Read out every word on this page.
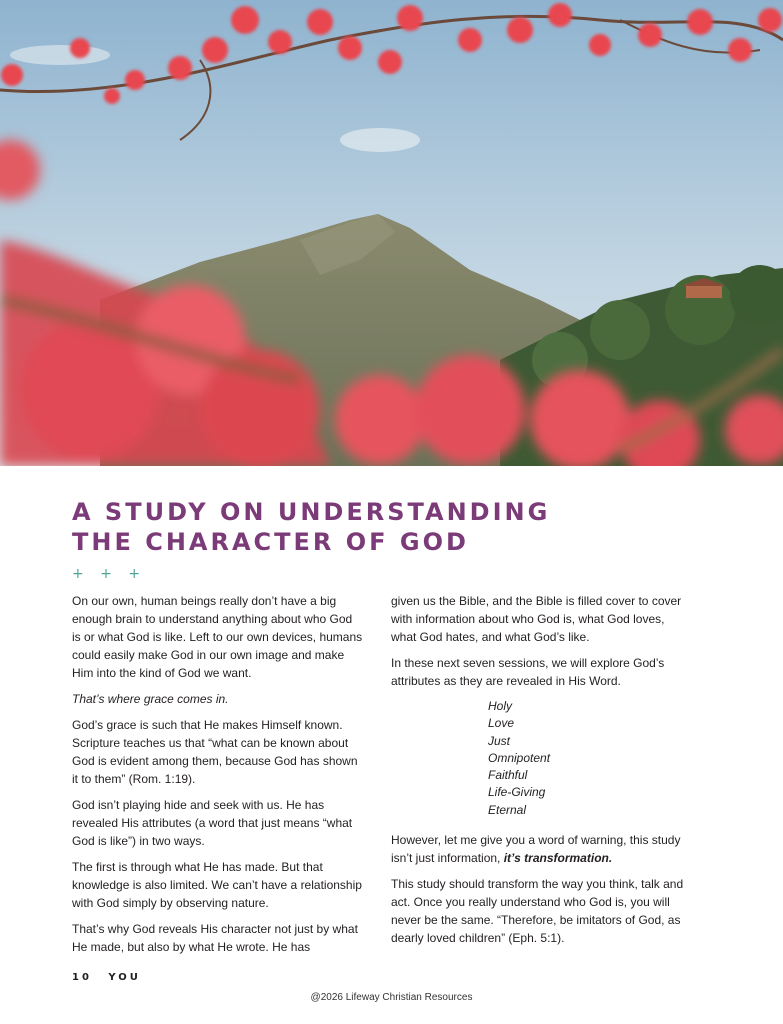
A STUDY ON UNDERSTANDING
THE CHARACTER OF GOD
+ + +

On our own, human beings really don’t have a big enough brain to understand anything about who God is or what God is like. Left to our own devices, humans could easily make God in our own image and make Him into the kind of God we want.

That’s where grace comes in.

God’s grace is such that He makes Himself known. Scripture teaches us that “what can be known about God is evident among them, because God has shown it to them” (Rom. 1:19).

God isn’t playing hide and seek with us. He has revealed His attributes (a word that just means “what God is like”) in two ways.

The first is through what He has made. But that knowledge is also limited. We can’t have a relationship with God simply by observing nature.

That’s why God reveals His character not just by what He made, but also by what He wrote. He has

given us the Bible, and the Bible is filled cover to cover with information about who God is, what God loves, what God hates, and what God’s like.

In these next seven sessions, we will explore God’s attributes as they are revealed in His Word.

Holy
Love
Just
Omnipotent
Faithful
Life-Giving
Eternal

However, let me give you a word of warning, this study isn’t just information, it’s transformation.

This study should transform the way you think, talk and act. Once you really understand who God is, you will never be the same. “Therefore, be imitators of God, as dearly loved children” (Eph. 5:1).

10 YOU
@2026 Lifeway Christian Resources
